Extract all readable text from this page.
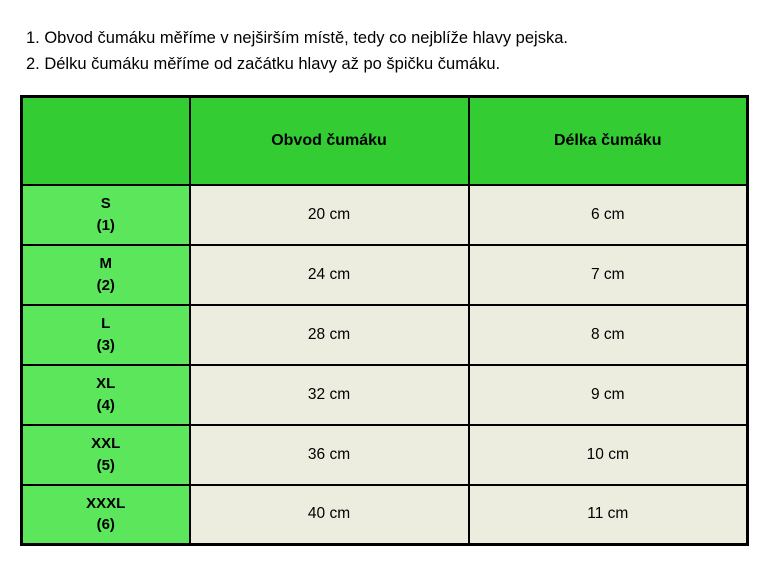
1. Obvod čumáku měříme v nejširším místě, tedy co nejblíže hlavy pejska.
2. Délku čumáku měříme od začátku hlavy až po špičku čumáku.
	Obvod čumáku	Délka čumáku

S
(1)	20 cm	6 cm

M
(2)	24 cm	7 cm

L
(3)	28 cm	8 cm

XL
(4)	32 cm	9 cm

XXL
(5)	36 cm	10 cm

XXXL
(6)	40 cm	11 cm
